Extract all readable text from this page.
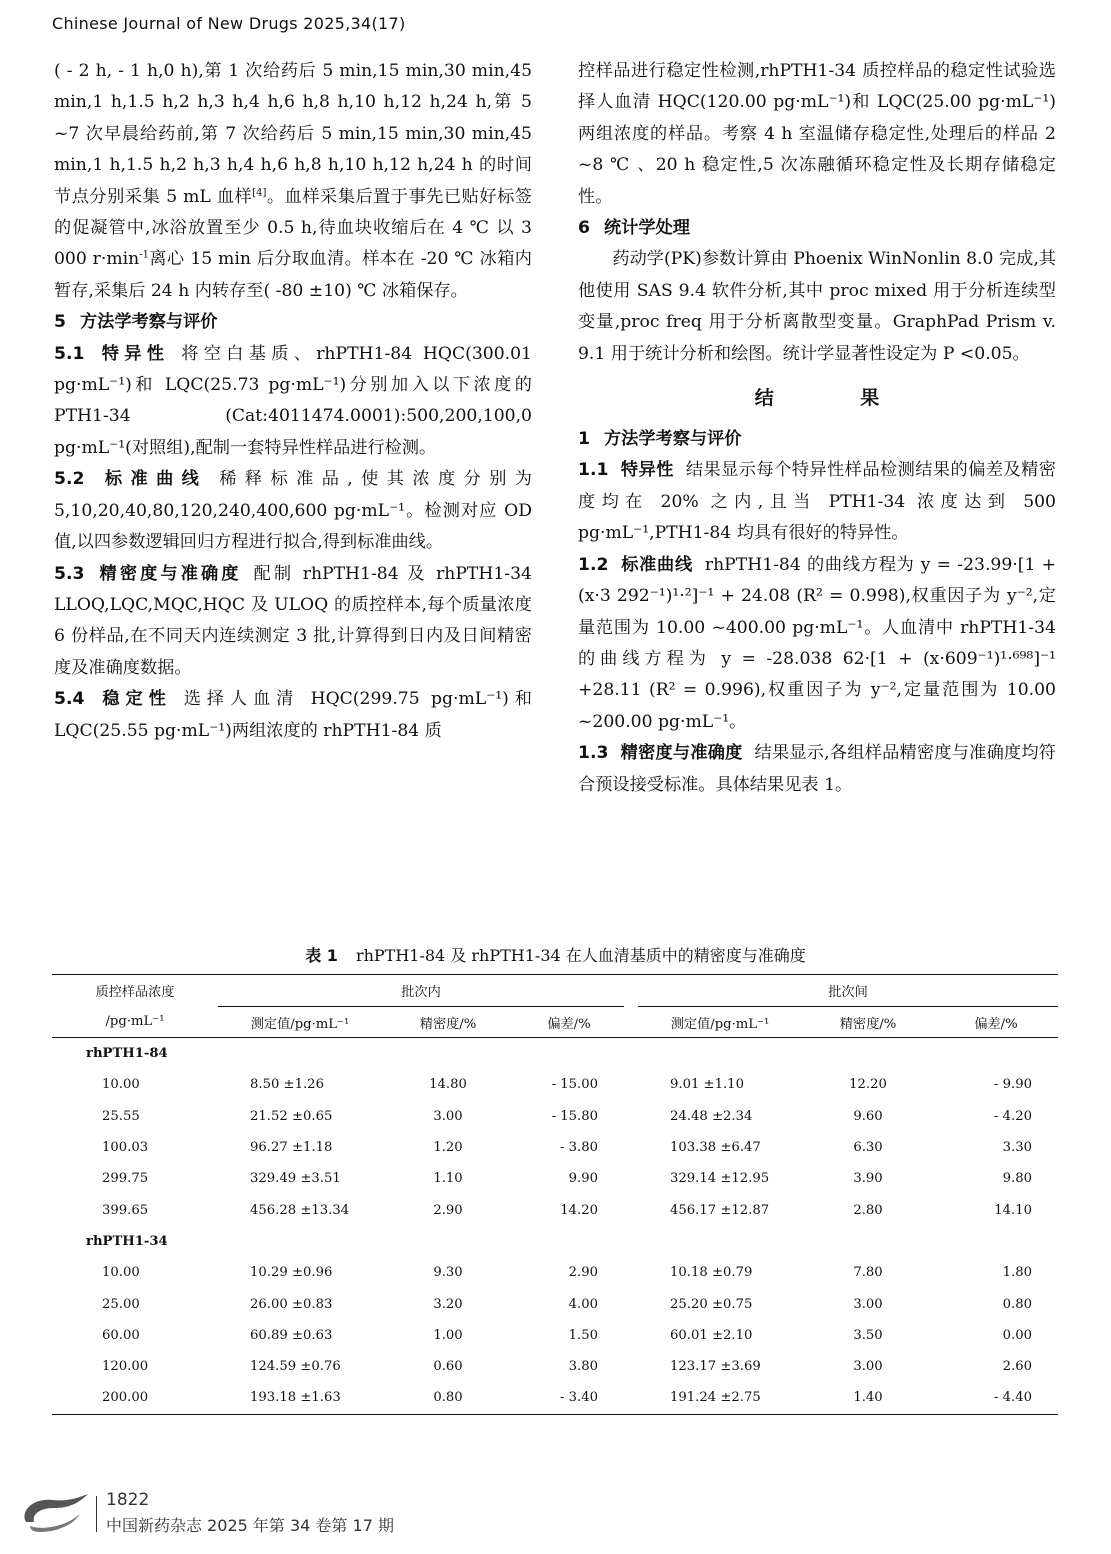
Chinese Journal of New Drugs 2025,34(17)

( - 2 h, - 1 h,0 h),第 1 次给药后 5 min,15 min,30 min,45 min,1 h,1.5 h,2 h,3 h,4 h,6 h,8 h,10 h,12 h,24 h,第 5 ~7 次早晨给药前,第 7 次给药后 5 min,15 min,30 min,45 min,1 h,1.5 h,2 h,3 h,4 h,6 h,8 h,10 h,12 h,24 h 的时间节点分别采集 5 mL 血样[4]。血样采集后置于事先已贴好标签的促凝管中,冰浴放置至少 0.5 h,待血块收缩后在 4 ℃ 以 3 000 $r\cdot\min^{-1}$离心 15 min 后分取血清。样本在 -20 ℃ 冰箱内暂存,采集后 24 h 内转存至( -80 ±10) ℃ 冰箱保存。

5 方法学考察与评价

5.1 特异性 将空白基质、rhPTH1-84 HQC(300.01 pg·mL⁻¹)和 LQC(25.73 pg·mL⁻¹)分别加入以下浓度的 PTH1-34 (Cat:4011474.0001):500,200,100,0 pg·mL⁻¹(对照组),配制一套特异性样品进行检测。

5.2 标准曲线 稀释标准品,使其浓度分别为 5,10,20,40,80,120,240,400,600 pg·mL⁻¹。检测对应 OD 值,以四参数逻辑回归方程进行拟合,得到标准曲线。

5.3 精密度与准确度 配制 rhPTH1-84 及 rhPTH1-34 LLOQ,LQC,MQC,HQC 及 ULOQ 的质控样本,每个质量浓度 6 份样品,在不同天内连续测定 3 批,计算得到日内及日间精密度及准确度数据。

5.4 稳定性 选择人血清 HQC(299.75 pg·mL⁻¹)和 LQC(25.55 pg·mL⁻¹)两组浓度的 rhPTH1-84 质

控样品进行稳定性检测,rhPTH1-34 质控样品的稳定性试验选择人血清 HQC(120.00 pg·mL⁻¹)和 LQC(25.00 pg·mL⁻¹)两组浓度的样品。考察 4 h 室温储存稳定性,处理后的样品 2 ~8 ℃ 、20 h 稳定性,5 次冻融循环稳定性及长期存储稳定性。

6 统计学处理

药动学(PK)参数计算由 Phoenix WinNonlin 8.0 完成,其他使用 SAS 9.4 软件分析,其中 proc mixed 用于分析连续型变量,proc freq 用于分析离散型变量。GraphPad Prism v. 9.1 用于统计分析和绘图。统计学显著性设定为 P <0.05。

结 果

1 方法学考察与评价

1.1 特异性 结果显示每个特异性样品检测结果的偏差及精密度均在 20% 之内,且当 PTH1-34 浓度达到 500 pg·mL⁻¹,PTH1-84 均具有很好的特异性。

1.2 标准曲线 rhPTH1-84 的曲线方程为 y = -23.99·[1 + (x·3 292⁻¹)¹·²]⁻¹ + 24.08 (R² = 0.998),权重因子为 y⁻²,定量范围为 10.00 ~400.00 pg·mL⁻¹。人血清中 rhPTH1-34 的曲线方程为 y = -28.038 62·[1 + (x·609⁻¹)¹·⁶⁹⁸]⁻¹ +28.11 (R² = 0.996),权重因子为 y⁻²,定量范围为 10.00 ~200.00 pg·mL⁻¹。

1.3 精密度与准确度 结果显示,各组样品精密度与准确度均符合预设接受标准。具体结果见表 1。

表 1 rhPTH1-84 及 rhPTH1-34 在人血清基质中的精密度与准确度
质控样品浓度	批次内				批次间		
/pg·mL⁻¹	测定值/pg·mL⁻¹	精密度/%	偏差/%		测定值/pg·mL⁻¹	精密度/%	偏差/%
rhPTH1-84							
10.00	8.50 ±1.26	14.80	- 15.00		9.01 ±1.10	12.20	- 9.90
25.55	21.52 ±0.65	3.00	- 15.80		24.48 ±2.34	9.60	- 4.20
100.03	96.27 ±1.18	1.20	- 3.80		103.38 ±6.47	6.30	3.30
299.75	329.49 ±3.51	1.10	9.90		329.14 ±12.95	3.90	9.80
399.65	456.28 ±13.34	2.90	14.20		456.17 ±12.87	2.80	14.10
rhPTH1-34							
10.00	10.29 ±0.96	9.30	2.90		10.18 ±0.79	7.80	1.80
25.00	26.00 ±0.83	3.20	4.00		25.20 ±0.75	3.00	0.80
60.00	60.89 ±0.63	1.00	1.50		60.01 ±2.10	3.50	0.00
120.00	124.59 ±0.76	0.60	3.80		123.17 ±3.69	3.00	2.60
200.00	193.18 ±1.63	0.80	- 3.40		191.24 ±2.75	1.40	- 4.40
NJD
1822
中国新药杂志 2025 年第 34 卷第 17 期
